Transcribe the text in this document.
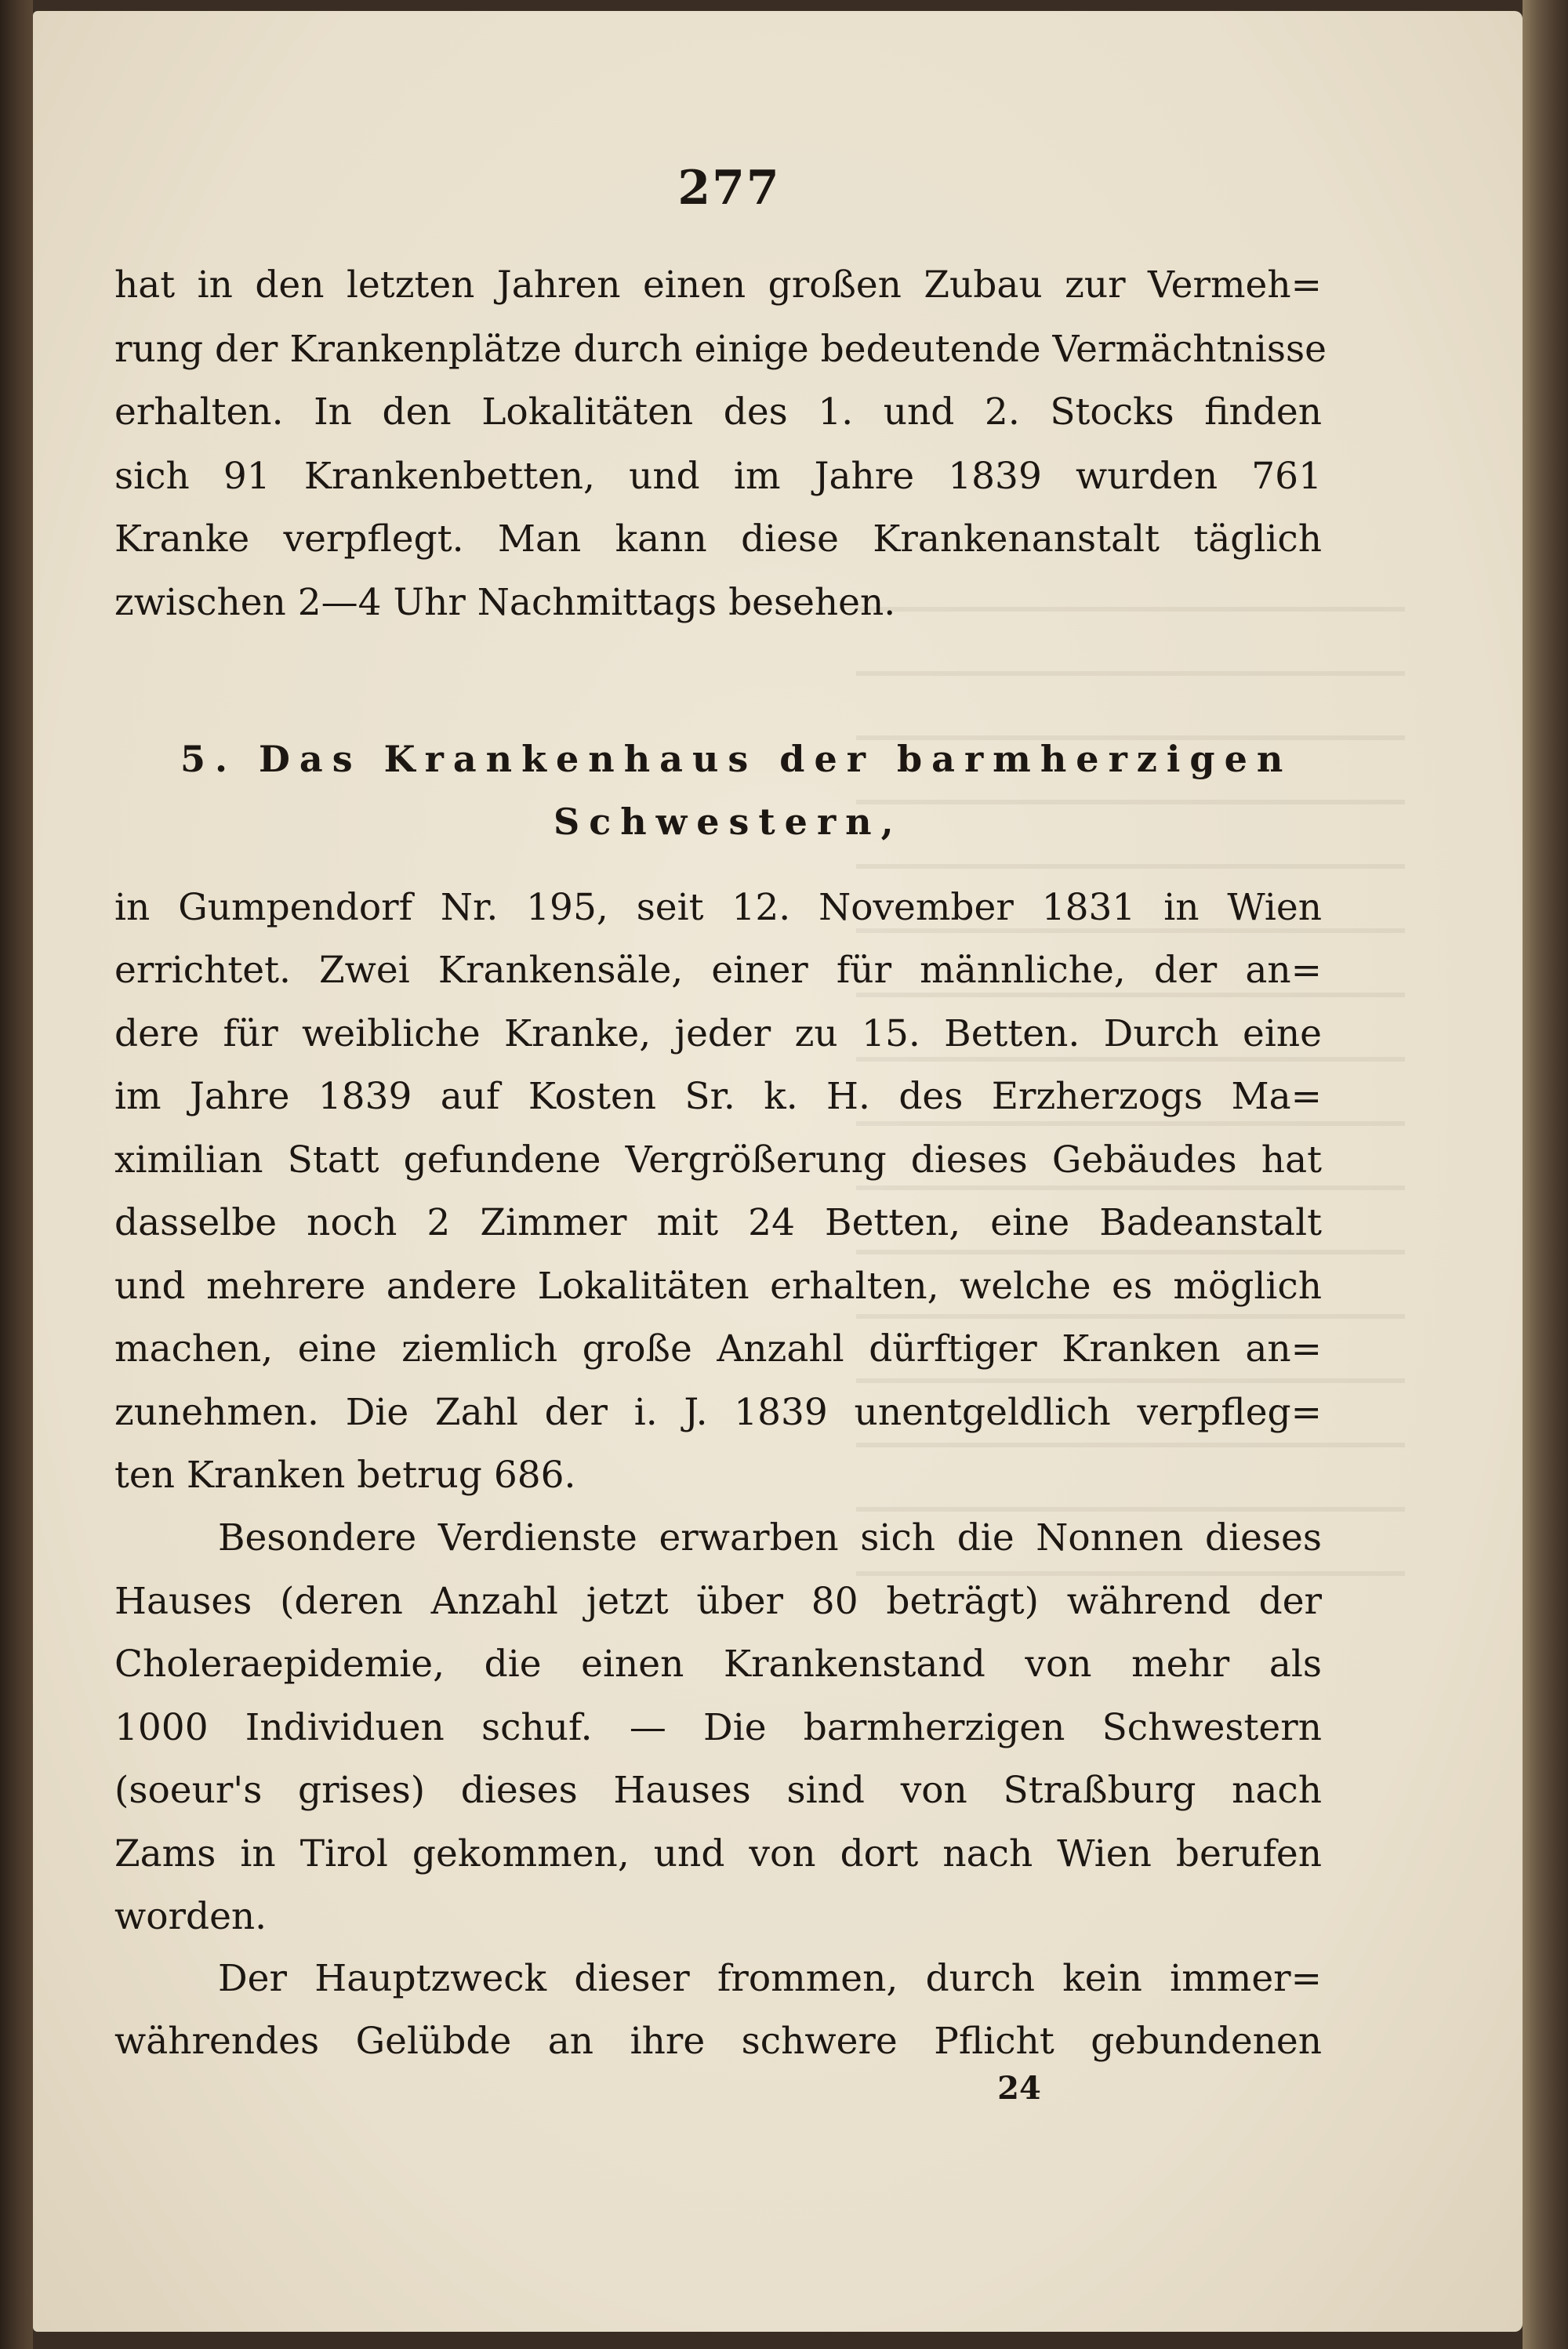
277
hat in den letzten Jahren einen großen Zubau zur Vermeh=
rung der Krankenplätze durch einige bedeutende Vermächtnisse
erhalten. In den Lokalitäten des 1. und 2. Stocks finden
sich 91 Krankenbetten, und im Jahre 1839 wurden 761
Kranke verpflegt. Man kann diese Krankenanstalt täglich
zwischen 2—4 Uhr Nachmittags besehen.
5. Das Krankenhaus der barmherzigen
Schwestern,
in Gumpendorf Nr. 195, seit 12. November 1831 in Wien
errichtet. Zwei Krankensäle, einer für männliche, der an=
dere für weibliche Kranke, jeder zu 15. Betten. Durch eine
im Jahre 1839 auf Kosten Sr. k. H. des Erzherzogs Ma=
ximilian Statt gefundene Vergrößerung dieses Gebäudes hat
dasselbe noch 2 Zimmer mit 24 Betten, eine Badeanstalt
und mehrere andere Lokalitäten erhalten, welche es möglich
machen, eine ziemlich große Anzahl dürftiger Kranken an=
zunehmen. Die Zahl der i. J. 1839 unentgeldlich verpfleg=
ten Kranken betrug 686.
Besondere Verdienste erwarben sich die Nonnen dieses
Hauses (deren Anzahl jetzt über 80 beträgt) während der
Choleraepidemie, die einen Krankenstand von mehr als
1000 Individuen schuf. — Die barmherzigen Schwestern
(soeur's grises) dieses Hauses sind von Straßburg nach
Zams in Tirol gekommen, und von dort nach Wien berufen
worden.
Der Hauptzweck dieser frommen, durch kein immer=
währendes Gelübde an ihre schwere Pflicht gebundenen
24
